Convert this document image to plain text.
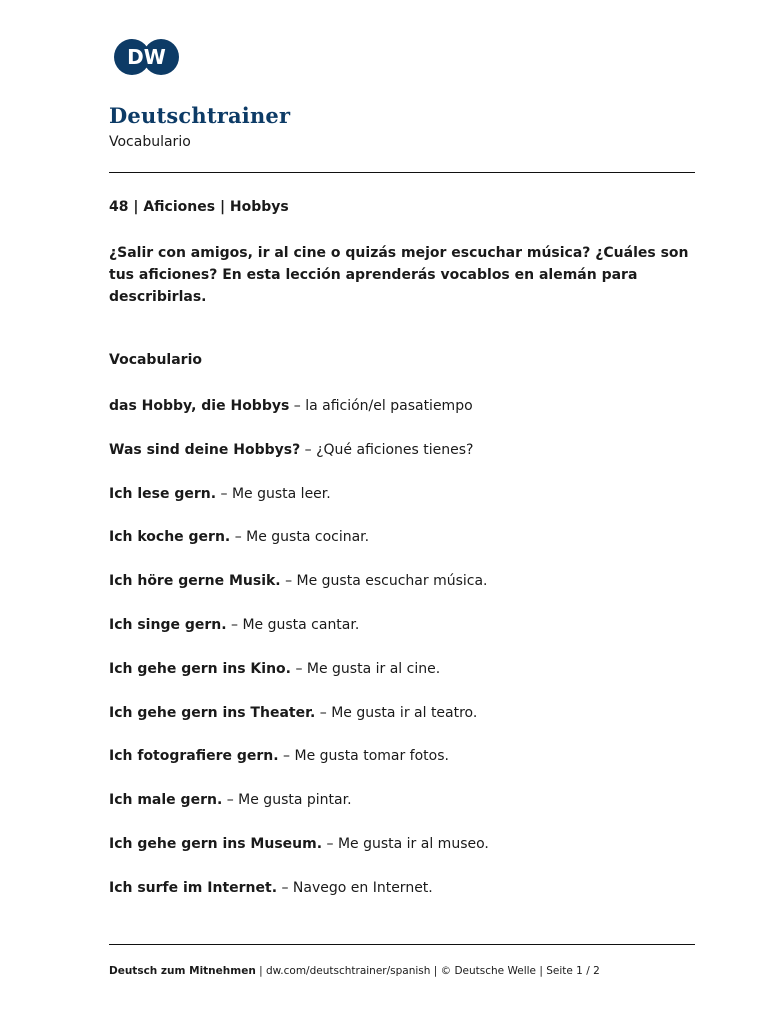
DW
Deutschtrainer
Vocabulario
48 | Aficiones | Hobbys
¿Salir con amigos, ir al cine o quizás mejor escuchar música? ¿Cuáles son tus aficiones? En esta lección aprenderás vocablos en alemán para describirlas.
Vocabulario
das Hobby, die Hobbys – la afición/el pasatiempo
Was sind deine Hobbys? – ¿Qué aficiones tienes?
Ich lese gern. – Me gusta leer.
Ich koche gern. – Me gusta cocinar.
Ich höre gerne Musik. – Me gusta escuchar música.
Ich singe gern. – Me gusta cantar.
Ich gehe gern ins Kino. – Me gusta ir al cine.
Ich gehe gern ins Theater. – Me gusta ir al teatro.
Ich fotografiere gern. – Me gusta tomar fotos.
Ich male gern. – Me gusta pintar.
Ich gehe gern ins Museum. – Me gusta ir al museo.
Ich surfe im Internet. – Navego en Internet.
Deutsch zum Mitnehmen | dw.com/deutschtrainer/spanish | © Deutsche Welle | Seite 1 / 2
